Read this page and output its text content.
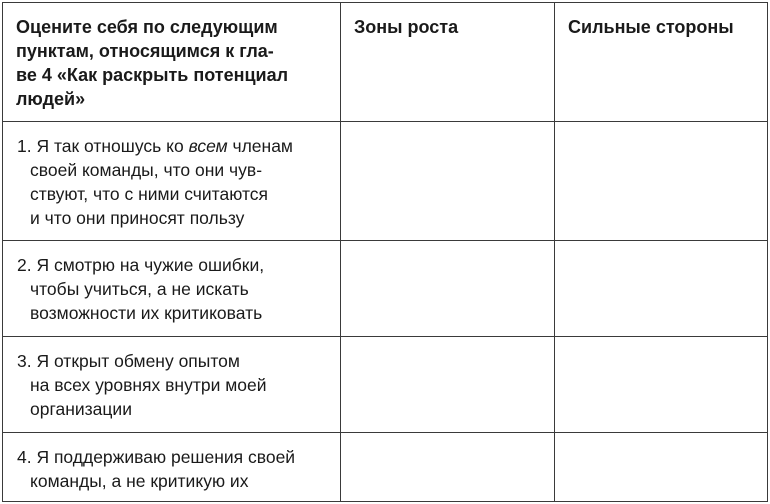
Оцените себя по следующим
пунктам, относящимся к гла-
ве 4 «Как раскрыть потенциал
людей»	Зоны роста	Сильные стороны

1. Я так отношусь ко всем членам
своей команды, что они чув-
ствуют, что с ними считаются
и что они приносят пользу		

2. Я смотрю на чужие ошибки,
чтобы учиться, а не искать
возможности их критиковать		

3. Я открыт обмену опытом
на всех уровнях внутри моей
организации		

4. Я поддерживаю решения своей
команды, а не критикую их		
